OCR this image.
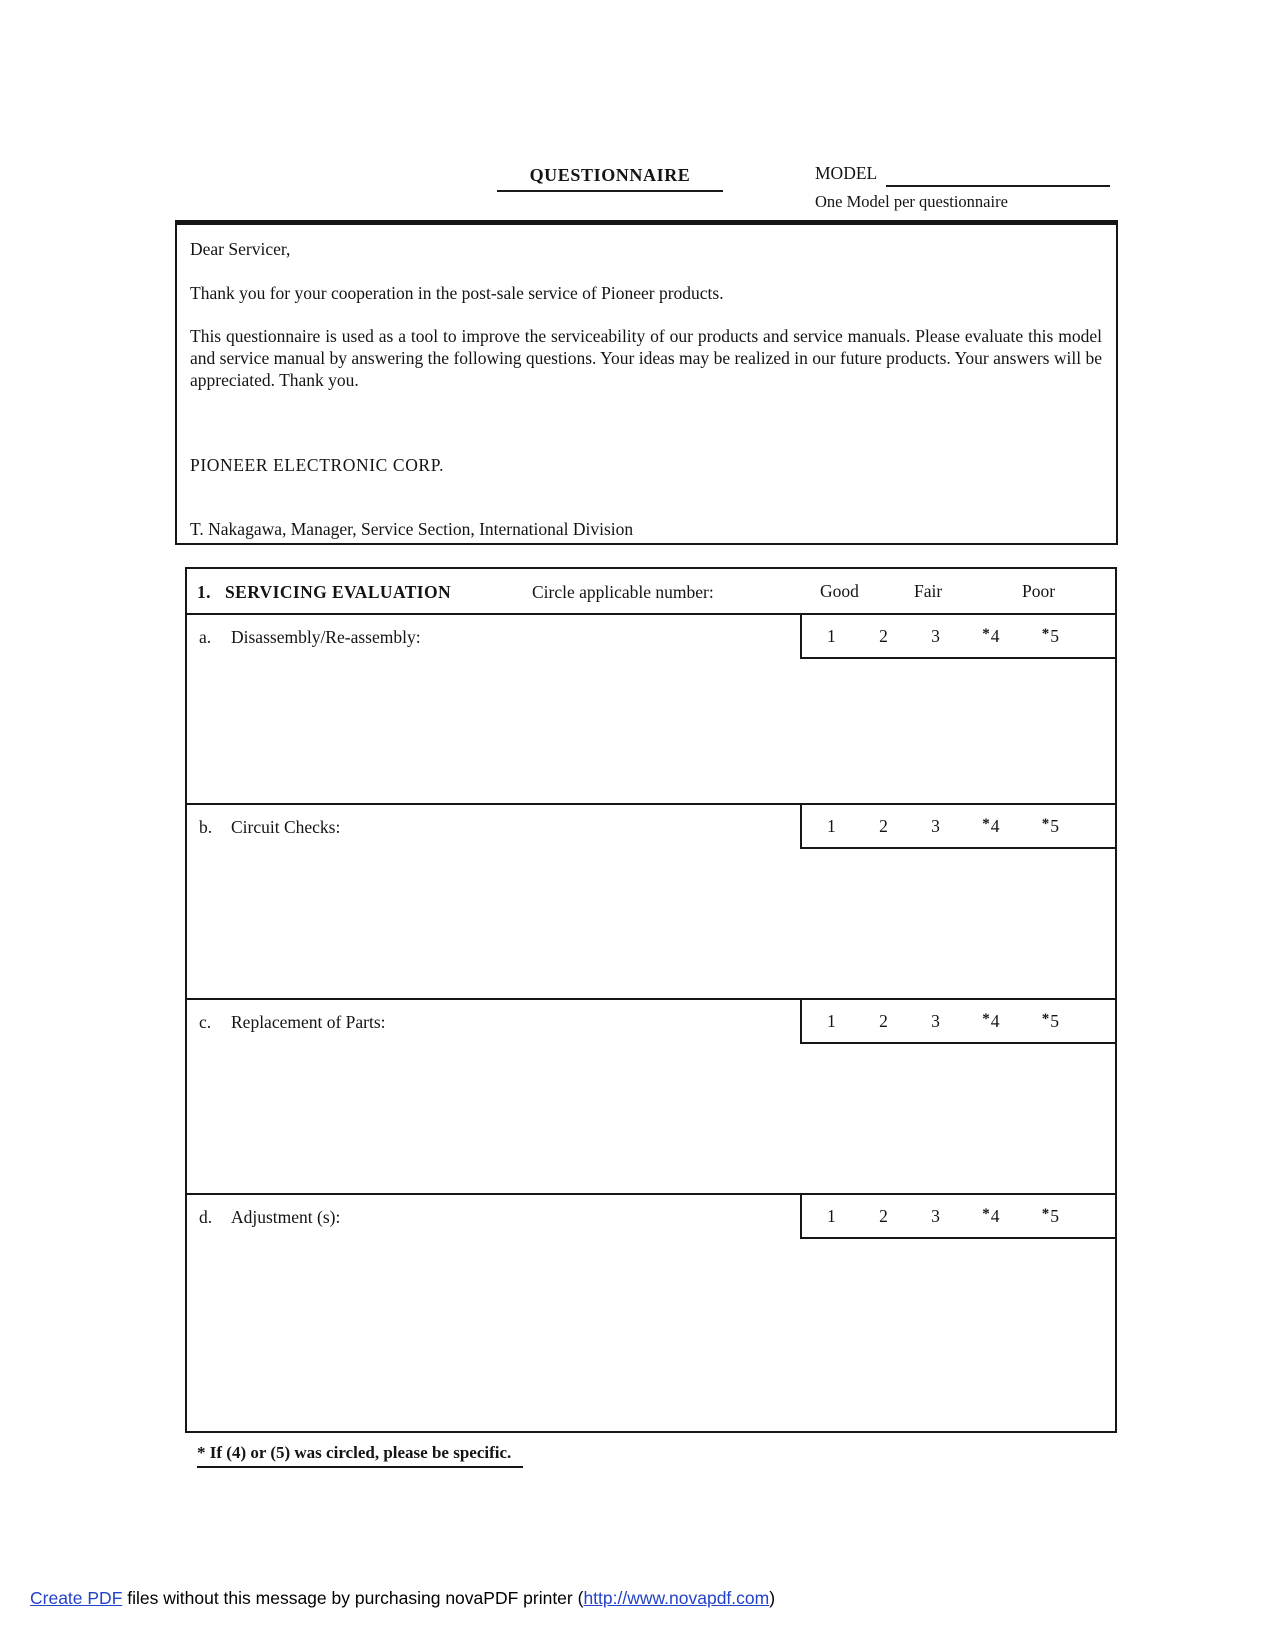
QUESTIONNAIRE	MODEL
One Model per questionnaire

Dear Servicer,

Thank you for your cooperation in the post-sale service of Pioneer products.

This questionnaire is used as a tool to improve the serviceability of our products and service manuals. Please evaluate this model and service manual by answering the following questions. Your ideas may be realized in our future products. Your answers will be appreciated. Thank you.

PIONEER ELECTRONIC CORP.

T. Nakagawa, Manager, Service Section, International Division

1. SERVICING EVALUATION	Circle applicable number:	Good	Fair	Poor
a. Disassembly/Re-assembly:	1 2 3	*4	*5
b. Circuit Checks:	1 2 3	*4	*5
c. Replacement of Parts:	1 2 3	*4	*5
d. Adjustment (s):	1 2 3	*4	*5
* If (4) or (5) was circled, please be specific.
Create PDF files without this message by purchasing novaPDF printer (http://www.novapdf.com)
